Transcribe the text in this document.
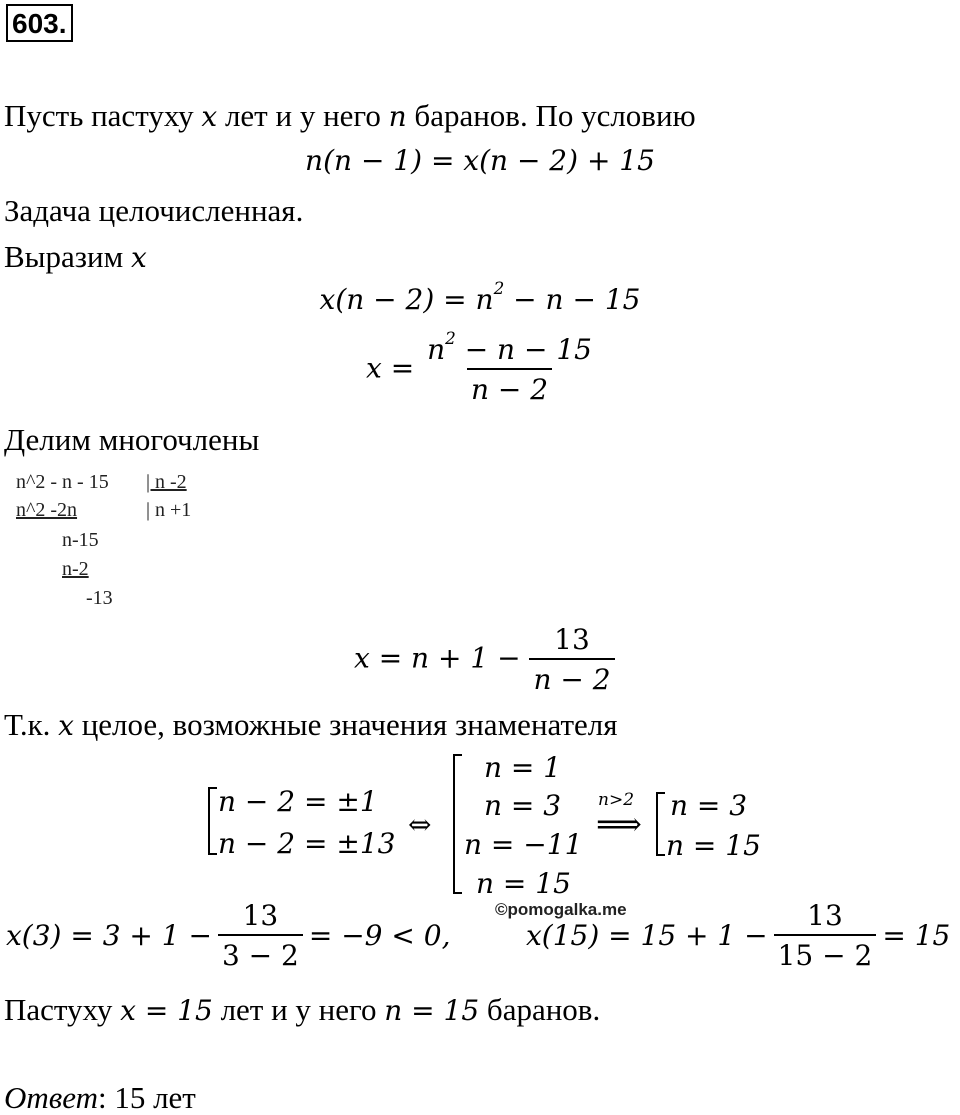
603.
Пусть пастуху x лет и у него n баранов. По условию
n(n − 1) = x(n − 2) + 15
Задача целочисленная.
Выразим x
$x(n - 2) = n^2 - n - 15$
$x = \frac{n^2 - n - 15}{n - 2}$
Делим многочлены
n^2 - n - 15 | n -2
n^2 -2n	| n +1
n-15
n-2
-13
$x = n + 1 - \frac{13}{n - 2}$
Т.к. x целое, возможные значения знаменателя
n − 2 = ±1
n − 2 = ±13
⇔
n = 1
n = 3
n = −11
n = 15
n>2
⟹ n = 3
n = 15
©pomogalka.me
$x(3) = 3 + 1 - \frac{13}{3 - 2} = -9 < 0$,	$x(15) = 15 + 1 - \frac{13}{15 - 2} = 15$
Пастуху x = 15 лет и у него n = 15 баранов.
Ответ: 15 лет
